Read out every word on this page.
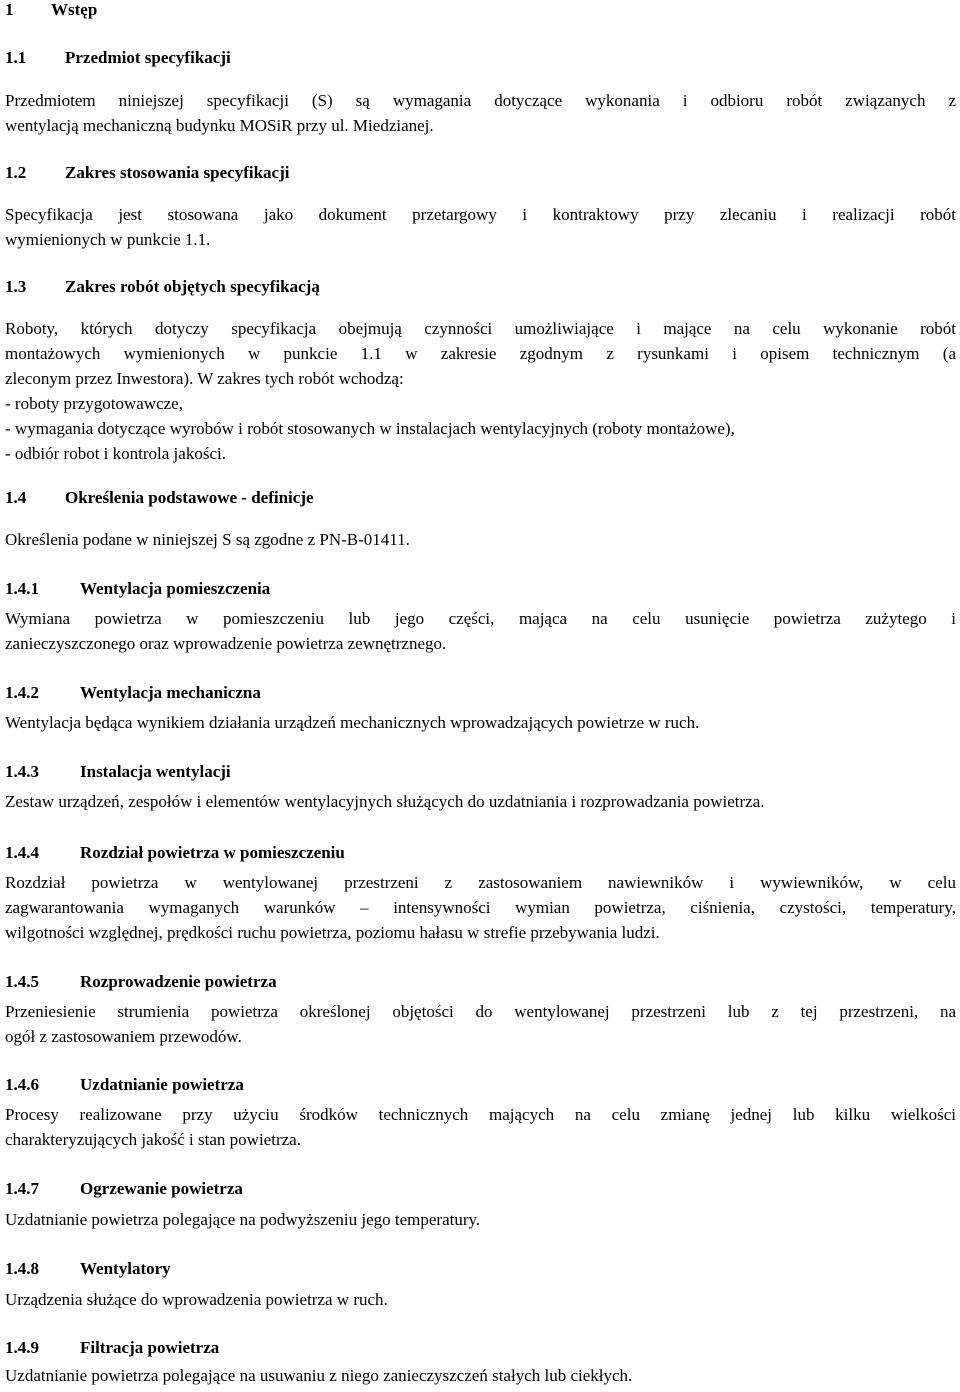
1 Wstęp
1.1 Przedmiot specyfikacji
Przedmiotem niniejszej specyfikacji (S) są wymagania dotyczące wykonania i odbioru robót związanych z
wentylacją mechaniczną budynku MOSiR przy ul. Miedzianej.
1.2 Zakres stosowania specyfikacji
Specyfikacja jest stosowana jako dokument przetargowy i kontraktowy przy zlecaniu i realizacji robót
wymienionych w punkcie 1.1.
1.3 Zakres robót objętych specyfikacją
Roboty, których dotyczy specyfikacja obejmują czynności umożliwiające i mające na celu wykonanie robót
montażowych wymienionych w punkcie 1.1 w zakresie zgodnym z rysunkami i opisem technicznym (a
zleconym przez Inwestora). W zakres tych robót wchodzą:
- roboty przygotowawcze,
- wymagania dotyczące wyrobów i robót stosowanych w instalacjach wentylacyjnych (roboty montażowe),
- odbiór robot i kontrola jakości.
1.4 Określenia podstawowe - definicje
Określenia podane w niniejszej S są zgodne z PN-B-01411.
1.4.1 Wentylacja pomieszczenia
Wymiana powietrza w pomieszczeniu lub jego części, mająca na celu usunięcie powietrza zużytego i
zanieczyszczonego oraz wprowadzenie powietrza zewnętrznego.
1.4.2 Wentylacja mechaniczna
Wentylacja będąca wynikiem działania urządzeń mechanicznych wprowadzających powietrze w ruch.
1.4.3 Instalacja wentylacji
Zestaw urządzeń, zespołów i elementów wentylacyjnych służących do uzdatniania i rozprowadzania powietrza.
1.4.4 Rozdział powietrza w pomieszczeniu
Rozdział powietrza w wentylowanej przestrzeni z zastosowaniem nawiewników i wywiewników, w celu
zagwarantowania wymaganych warunków – intensywności wymian powietrza, ciśnienia, czystości, temperatury,
wilgotności względnej, prędkości ruchu powietrza, poziomu hałasu w strefie przebywania ludzi.
1.4.5 Rozprowadzenie powietrza
Przeniesienie strumienia powietrza określonej objętości do wentylowanej przestrzeni lub z tej przestrzeni, na
ogół z zastosowaniem przewodów.
1.4.6 Uzdatnianie powietrza
Procesy realizowane przy użyciu środków technicznych mających na celu zmianę jednej lub kilku wielkości
charakteryzujących jakość i stan powietrza.
1.4.7 Ogrzewanie powietrza
Uzdatnianie powietrza polegające na podwyższeniu jego temperatury.
1.4.8 Wentylatory
Urządzenia służące do wprowadzenia powietrza w ruch.
1.4.9 Filtracja powietrza
Uzdatnianie powietrza polegające na usuwaniu z niego zanieczyszczeń stałych lub ciekłych.
